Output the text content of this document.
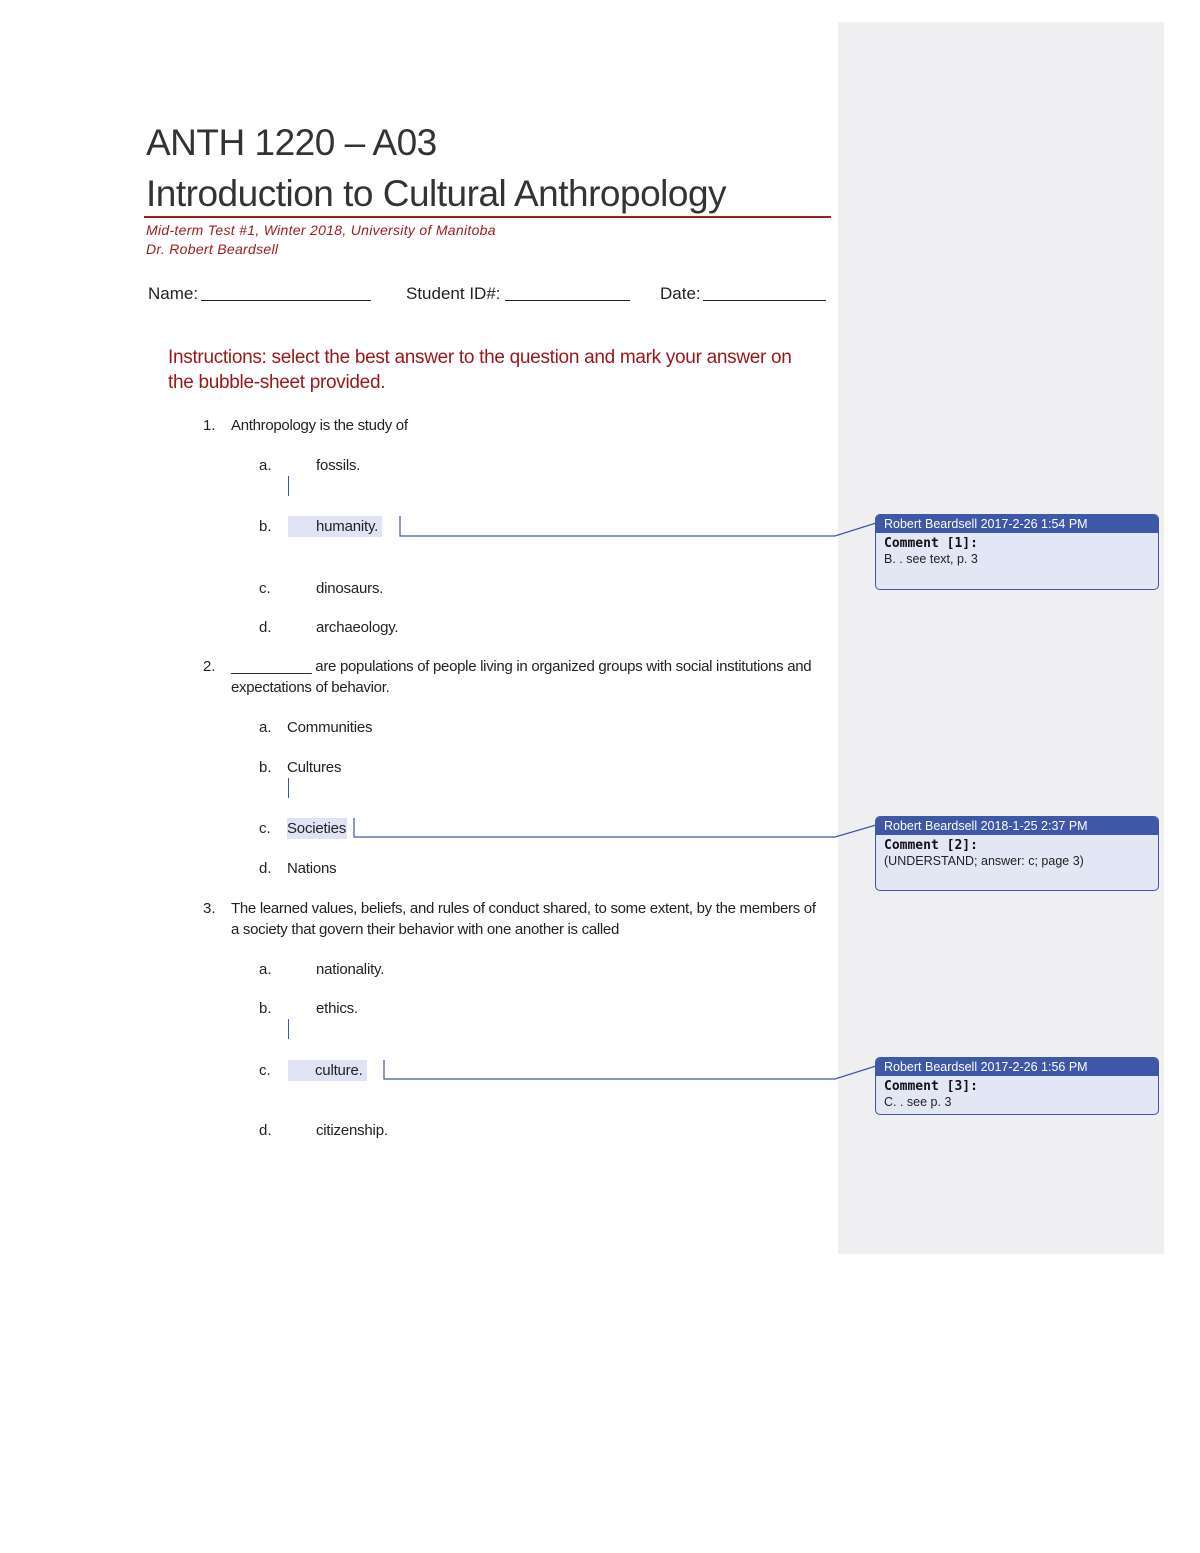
ANTH 1220 – A03
Introduction to Cultural Anthropology
Mid-term Test #1, Winter 2018, University of Manitoba
Dr. Robert Beardsell
Name:	Student ID#:	Date:
Instructions: select the best answer to the question and mark your answer on the bubble-sheet provided.
1. Anthropology is the study of
a.	fossils.
b.	humanity.
c.	dinosaurs.
d.	archaeology.
2. __________ are populations of people living in organized groups with social institutions and expectations of behavior.
a. Communities
b. Cultures
c. Societies
d. Nations
3. The learned values, beliefs, and rules of conduct shared, to some extent, by the members of a society that govern their behavior with one another is called
a.	nationality.
b.	ethics.
c.	culture.
d.	citizenship.
Robert Beardsell 2017-2-26 1:54 PM
Comment [1]:
B. . see text, p. 3
Robert Beardsell 2018-1-25 2:37 PM
Comment [2]:
(UNDERSTAND; answer: c; page 3)
Robert Beardsell 2017-2-26 1:56 PM
Comment [3]:
C. . see p. 3
